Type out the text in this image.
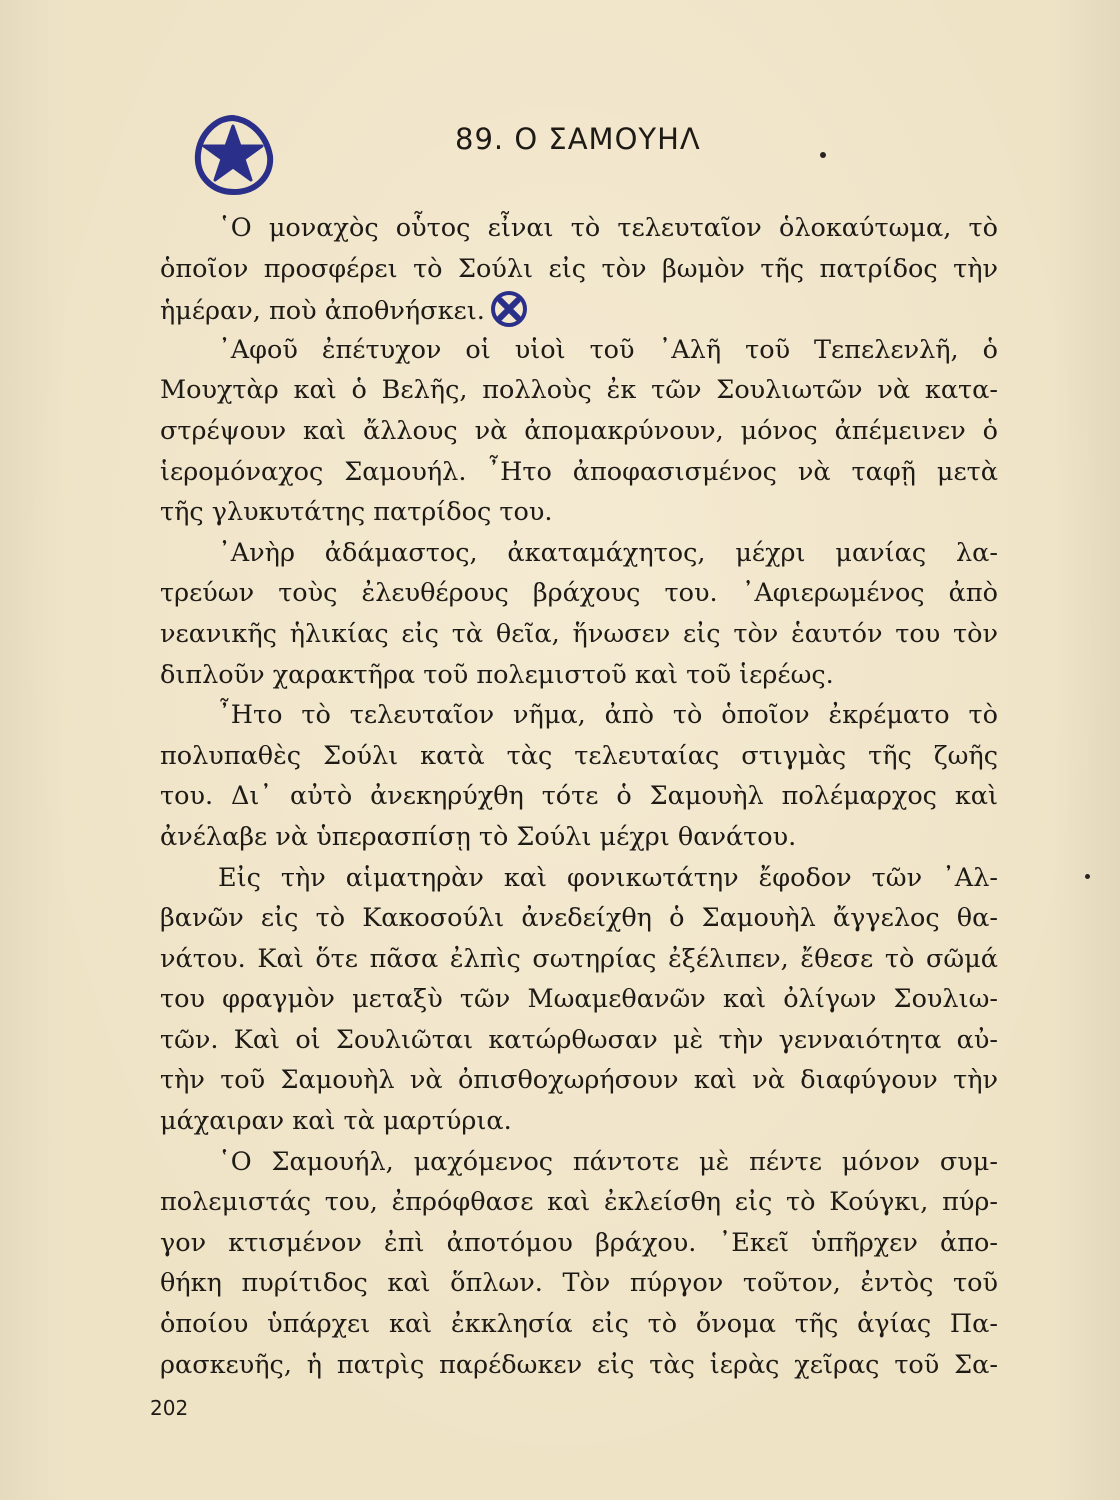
89. Ο ΣΑΜΟΥΗΛ
῾Ο μοναχὸς οὗτος εἶναι τὸ τελευταῖον ὁλοκαύτωμα, τὸ
ὁποῖον προσφέρει τὸ Σούλι εἰς τὸν βωμὸν τῆς πατρίδος τὴν
ἡμέραν, ποὺ ἀποθνήσκει.
᾿Αφοῦ ἐπέτυχον οἱ υἱοὶ τοῦ ᾿Αλῆ τοῦ Τεπελενλῆ, ὁ
Μουχτὰρ καὶ ὁ Βελῆς, πολλοὺς ἐκ τῶν Σουλιωτῶν νὰ κατα-
στρέψουν καὶ ἄλλους νὰ ἀπομακρύνουν, μόνος ἀπέμεινεν ὁ
ἱερομόναχος Σαμουήλ. ῏Ητο ἀποφασισμένος νὰ ταφῇ μετὰ
τῆς γλυκυτάτης πατρίδος του.
᾿Ανὴρ ἀδάμαστος, ἀκαταμάχητος, μέχρι μανίας λα-
τρεύων τοὺς ἐλευθέρους βράχους του. ᾿Αφιερωμένος ἀπὸ
νεανικῆς ἡλικίας εἰς τὰ θεῖα, ἥνωσεν εἰς τὸν ἑαυτόν του τὸν
διπλοῦν χαρακτῆρα τοῦ πολεμιστοῦ καὶ τοῦ ἱερέως.
῏Ητο τὸ τελευταῖον νῆμα, ἀπὸ τὸ ὁποῖον ἐκρέματο τὸ
πολυπαθὲς Σούλι κατὰ τὰς τελευταίας στιγμὰς τῆς ζωῆς
του. Δι᾿ αὐτὸ ἀνεκηρύχθη τότε ὁ Σαμουὴλ πολέμαρχος καὶ
ἀνέλαβε νὰ ὑπερασπίσῃ τὸ Σούλι μέχρι θανάτου.
Εἰς τὴν αἱματηρὰν καὶ φονικωτάτην ἔφοδον τῶν ᾿Αλ-
βανῶν εἰς τὸ Κακοσούλι ἀνεδείχθη ὁ Σαμουὴλ ἄγγελος θα-
νάτου. Καὶ ὅτε πᾶσα ἐλπὶς σωτηρίας ἐξέλιπεν, ἔθεσε τὸ σῶμά
του φραγμὸν μεταξὺ τῶν Μωαμεθανῶν καὶ ὀλίγων Σουλιω-
τῶν. Καὶ οἱ Σουλιῶται κατώρθωσαν μὲ τὴν γενναιότητα αὐ-
τὴν τοῦ Σαμουὴλ νὰ ὀπισθοχωρήσουν καὶ νὰ διαφύγουν τὴν
μάχαιραν καὶ τὰ μαρτύρια.
῾Ο Σαμουήλ, μαχόμενος πάντοτε μὲ πέντε μόνον συμ-
πολεμιστάς του, ἐπρόφθασε καὶ ἐκλείσθη εἰς τὸ Κούγκι, πύρ-
γον κτισμένον ἐπὶ ἀποτόμου βράχου. ᾿Εκεῖ ὑπῆρχεν ἀπο-
θήκη πυρίτιδος καὶ ὅπλων. Τὸν πύργον τοῦτον, ἐντὸς τοῦ
ὁποίου ὑπάρχει καὶ ἐκκλησία εἰς τὸ ὄνομα τῆς ἁγίας Πα-
ρασκευῆς, ἡ πατρὶς παρέδωκεν εἰς τὰς ἱερὰς χεῖρας τοῦ Σα-
202
